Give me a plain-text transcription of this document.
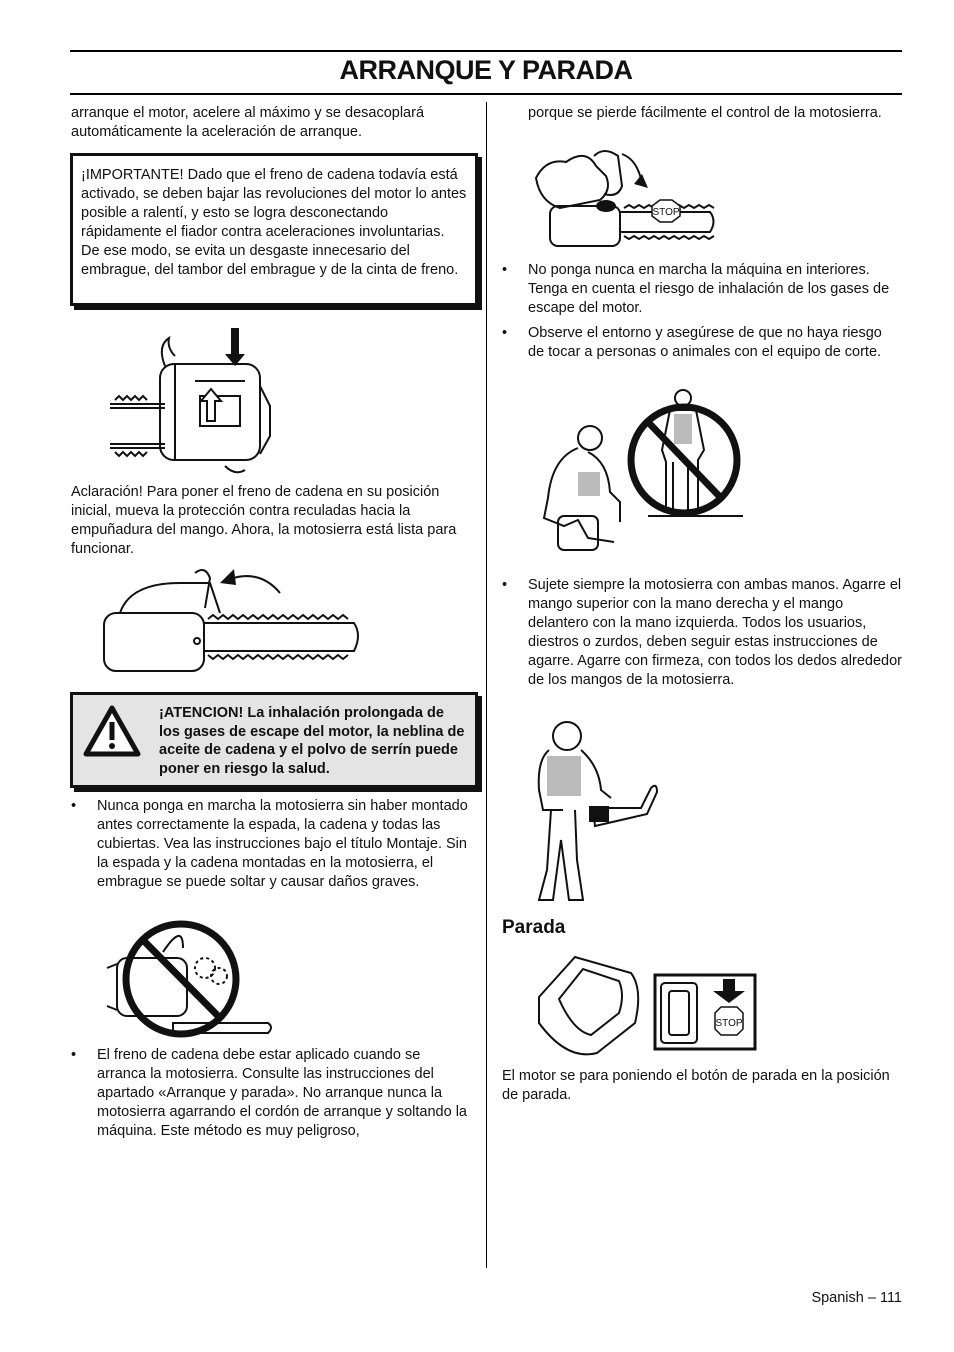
ARRANQUE Y PARADA

arranque el motor, acelere al máximo y se desacoplará automáticamente la aceleración de arranque.

¡IMPORTANTE! Dado que el freno de cadena todavía está activado, se deben bajar las revoluciones del motor lo antes posible a ralentí, y esto se logra desconectando rápidamente el fiador contra aceleraciones involuntarias. De ese modo, se evita un desgaste innecesario del embrague, del tambor del embrague y de la cinta de freno.

Aclaración! Para poner el freno de cadena en su posición inicial, mueva la protección contra reculadas hacia la empuñadura del mango. Ahora, la motosierra está lista para funcionar.

¡ATENCION! La inhalación prolongada de los gases de escape del motor, la neblina de aceite de cadena y el polvo de serrín puede poner en riesgo la salud.
• Nunca ponga en marcha la motosierra sin haber montado antes correctamente la espada, la cadena y todas las cubiertas. Vea las instrucciones bajo el título Montaje. Sin la espada y la cadena montadas en la motosierra, el embrague se puede soltar y causar daños graves.
• El freno de cadena debe estar aplicado cuando se arranca la motosierra. Consulte las instrucciones del apartado «Arranque y parada». No arranque nunca la motosierra agarrando el cordón de arranque y soltando la máquina. Este método es muy peligroso,

porque se pierde fácilmente el control de la motosierra.

STOP
• No ponga nunca en marcha la máquina en interiores. Tenga en cuenta el riesgo de inhalación de los gases de escape del motor.
• Observe el entorno y asegúrese de que no haya riesgo de tocar a personas o animales con el equipo de corte.
• Sujete siempre la motosierra con ambas manos. Agarre el mango superior con la mano derecha y el mango delantero con la mano izquierda. Todos los usuarios, diestros o zurdos, deben seguir estas instrucciones de agarre. Agarre con firmeza, con todos los dedos alrededor de los mangos de la motosierra.
Parada
STOP

El motor se para poniendo el botón de parada en la posición de parada.

Spanish – 111
